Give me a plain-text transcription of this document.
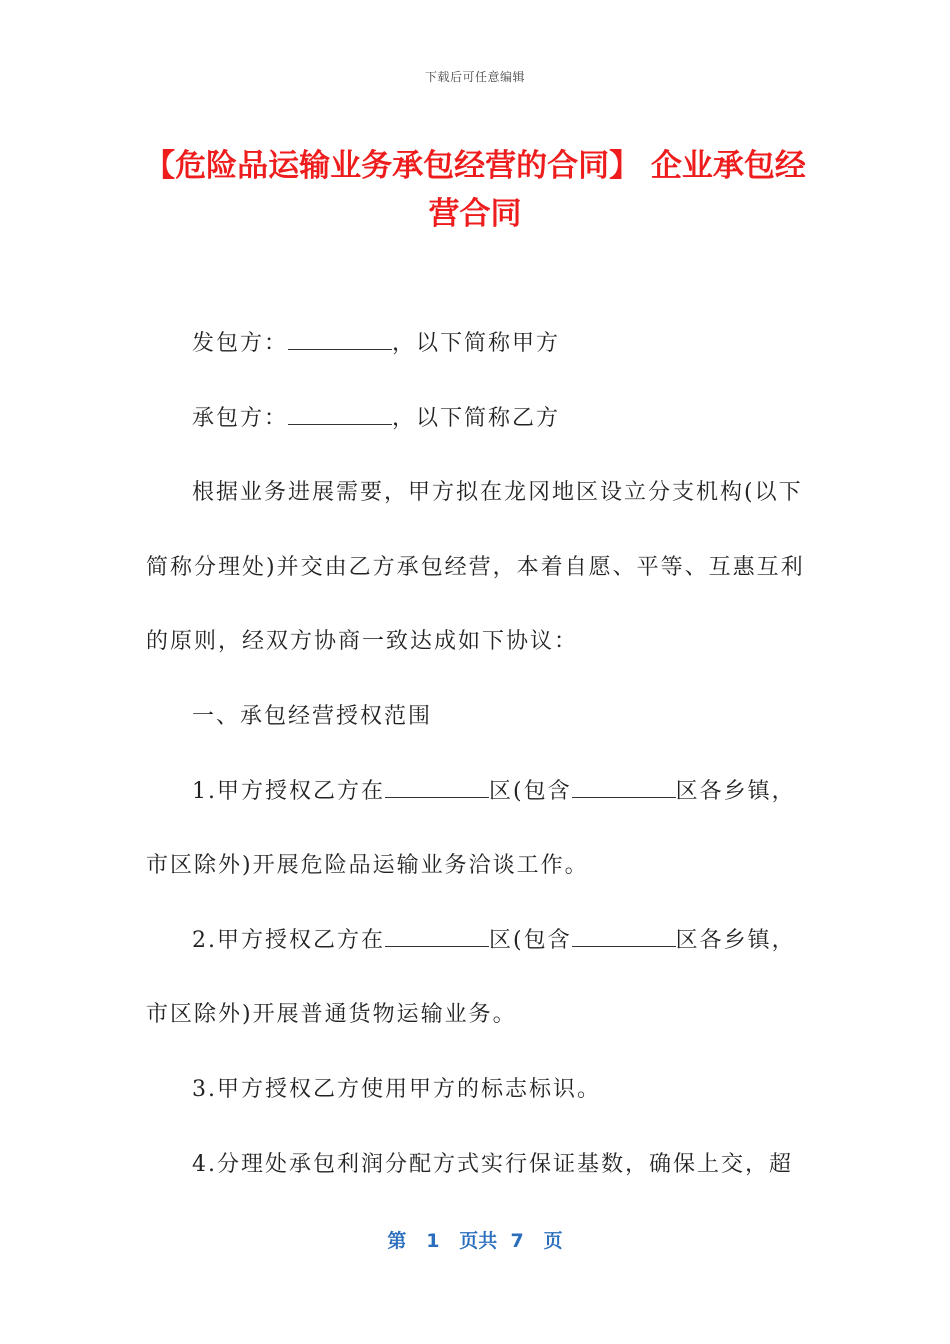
下载后可任意编辑
【危险品运输业务承包经营的合同】 企业承包经营合同
发包方：	，以下简称甲方
承包方：	，以下简称乙方
根据业务进展需要，甲方拟在龙冈地区设立分支机构(以下
简称分理处)并交由乙方承包经营，本着自愿、平等、互惠互利
的原则，经双方协商一致达成如下协议：
一、承包经营授权范围
1.甲方授权乙方在	区(包含	区各乡镇，
市区除外)开展危险品运输业务洽谈工作。
2.甲方授权乙方在	区(包含	区各乡镇，
市区除外)开展普通货物运输业务。
3.甲方授权乙方使用甲方的标志标识。
4.分理处承包利润分配方式实行保证基数，确保上交，超
第 1 页共 7 页
